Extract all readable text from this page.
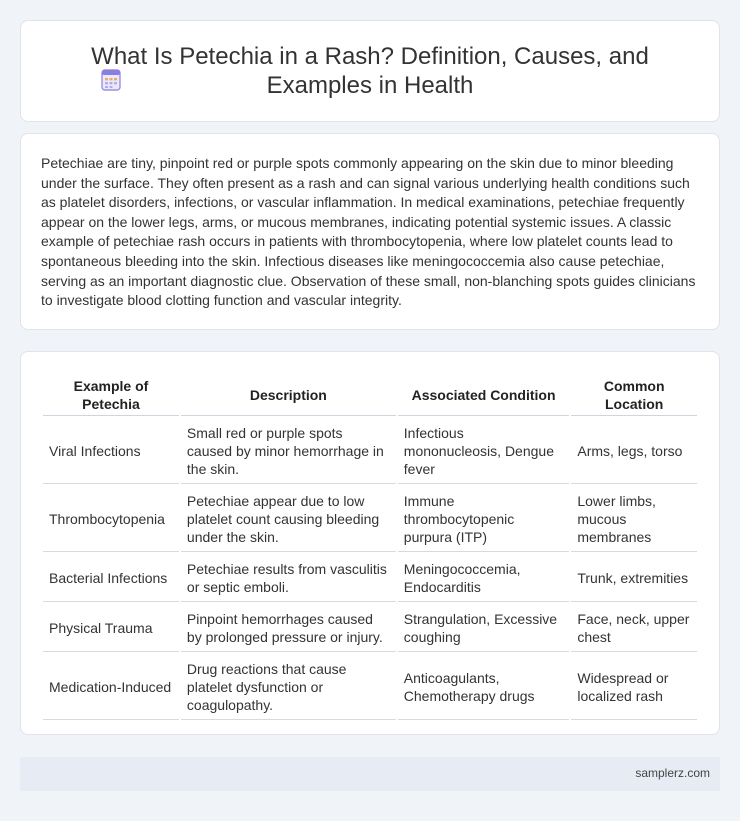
What Is Petechia in a Rash? Definition, Causes, and Examples in Health

Petechiae are tiny, pinpoint red or purple spots commonly appearing on the skin due to minor bleeding under the surface. They often present as a rash and can signal various underlying health conditions such as platelet disorders, infections, or vascular inflammation. In medical examinations, petechiae frequently appear on the lower legs, arms, or mucous membranes, indicating potential systemic issues. A classic example of petechiae rash occurs in patients with thrombocytopenia, where low platelet counts lead to spontaneous bleeding into the skin. Infectious diseases like meningococcemia also cause petechiae, serving as an important diagnostic clue. Observation of these small, non-blanching spots guides clinicians to investigate blood clotting function and vascular integrity.

Example of Petechia	Description	Associated Condition	Common Location
Viral Infections	Small red or purple spots caused by minor hemorrhage in the skin.	Infectious mononucleosis, Dengue fever	Arms, legs, torso
Thrombocytopenia	Petechiae appear due to low platelet count causing bleeding under the skin.	Immune thrombocytopenic purpura (ITP)	Lower limbs, mucous membranes
Bacterial Infections	Petechiae results from vasculitis or septic emboli.	Meningococcemia, Endocarditis	Trunk, extremities
Physical Trauma	Pinpoint hemorrhages caused by prolonged pressure or injury.	Strangulation, Excessive coughing	Face, neck, upper chest
Medication-Induced	Drug reactions that cause platelet dysfunction or coagulopathy.	Anticoagulants, Chemotherapy drugs	Widespread or localized rash
samplerz.com
